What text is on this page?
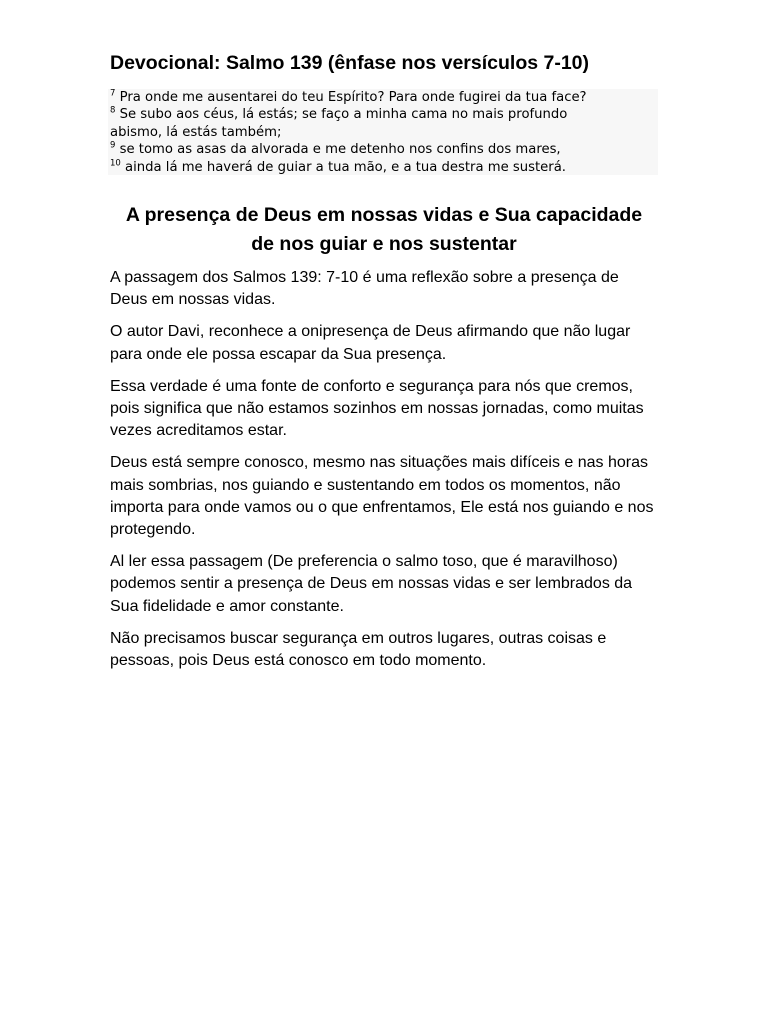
Devocional: Salmo 139 (ênfase nos versículos 7-10)
$^7$ Pra onde me ausentarei do teu Espírito? Para onde fugirei da tua face?
$^8$ Se subo aos céus, lá estás; se faço a minha cama no mais profundo
abismo, lá estás também;
$^9$ se tomo as asas da alvorada e me detenho nos confins dos mares,
$^{10}$ ainda lá me haverá de guiar a tua mão, e a tua destra me susterá.
A presença de Deus em nossas vidas e Sua capacidade
de nos guiar e nos sustentar

A passagem dos Salmos 139: 7-10 é uma reflexão sobre a presença de Deus em nossas vidas.

O autor Davi, reconhece a onipresença de Deus afirmando que não lugar para onde ele possa escapar da Sua presença.

Essa verdade é uma fonte de conforto e segurança para nós que cremos, pois significa que não estamos sozinhos em nossas jornadas, como muitas vezes acreditamos estar.

Deus está sempre conosco, mesmo nas situações mais difíceis e nas horas mais sombrias, nos guiando e sustentando em todos os momentos, não importa para onde vamos ou o que enfrentamos, Ele está nos guiando e nos protegendo.

Al ler essa passagem (De preferencia o salmo toso, que é maravilhoso) podemos sentir a presença de Deus em nossas vidas e ser lembrados da Sua fidelidade e amor constante.

Não precisamos buscar segurança em outros lugares, outras coisas e pessoas, pois Deus está conosco em todo momento.
